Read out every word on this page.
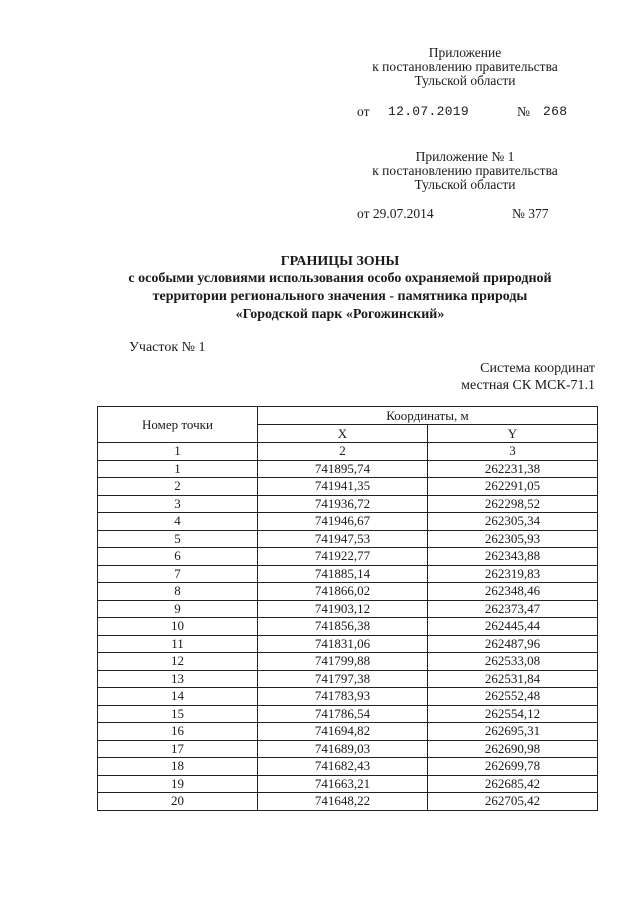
Приложение
к постановлению правительства
Тульской области
от 12.07.2019	№ 268
Приложение № 1
к постановлению правительства
Тульской области
от 29.07.2014	№ 377
ГРАНИЦЫ ЗОНЫ
с особыми условиями использования особо охраняемой природной
территории регионального значения - памятника природы
«Городской парк «Рогожинский»
Участок № 1
Система координат
местная СК МСК-71.1
Номер точки	Координаты, м	
	X	Y
1	2	3
1	741895,74	262231,38
2	741941,35	262291,05
3	741936,72	262298,52
4	741946,67	262305,34
5	741947,53	262305,93
6	741922,77	262343,88
7	741885,14	262319,83
8	741866,02	262348,46
9	741903,12	262373,47
10	741856,38	262445,44
11	741831,06	262487,96
12	741799,88	262533,08
13	741797,38	262531,84
14	741783,93	262552,48
15	741786,54	262554,12
16	741694,82	262695,31
17	741689,03	262690,98
18	741682,43	262699,78
19	741663,21	262685,42
20	741648,22	262705,42
